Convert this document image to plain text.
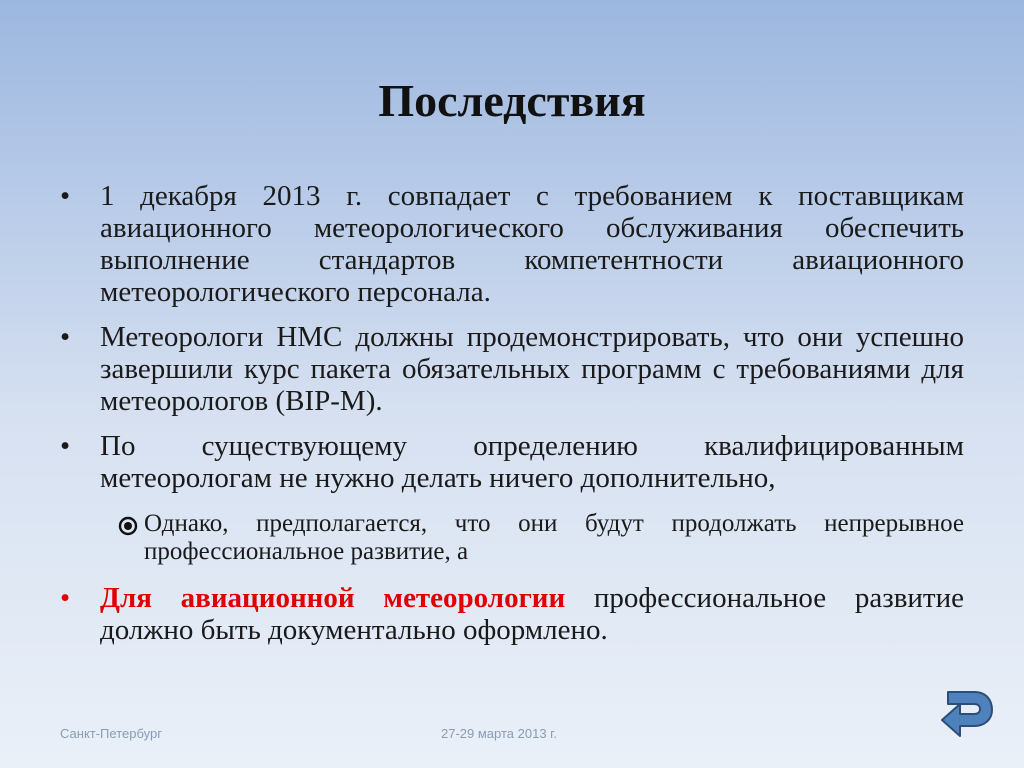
Последствия
•	1 декабря 2013 г. совпадает с требованием к поставщикам авиационного метеорологического обслуживания обеспечить выполнение стандартов компетентности авиационного метеорологического персонала.
•	Метеорологи НМС должны продемонстрировать, что они успешно завершили курс пакета обязательных программ с требованиями для метеорологов (BIP-M).
•	По существующему определению квалифицированным метеорологам не нужно делать ничего дополнительно,
Однако, предполагается, что они будут продолжать непрерывное профессиональное развитие, а
•	Для авиационной метеорологии профессиональное развитие должно быть документально оформлено.
Санкт-Петербург	27-29 марта 2013 г.
